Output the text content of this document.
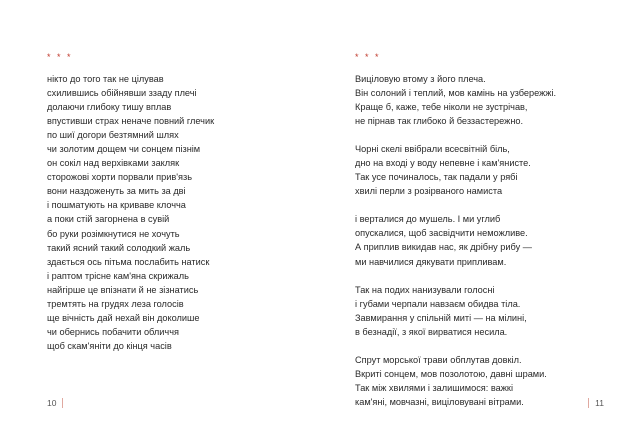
* * *
нікто до того так не цілував
схилившись обійнявши ззаду плечі
долаючи глибоку тишу вплав
впустивши страх неначе повний глечик
по шиї догори безтямний шлях
чи золотим дощем чи сонцем пізнім
он сокіл над верхівками закляк
сторожові хорти порвали прив'язь
вони наздоженуть за мить за дві
і пошматують на криваве клочча
а поки стій загорнена в сувій
бо руки розімкнутися не хочуть
такий ясний такий солодкий жаль
здається ось пітьма послабить натиск
і раптом трісне кам'яна скрижаль
найгірше це впізнати й не зізнатись
тремтять на грудях леза голосів
ще вічність дай нехай він доколише
чи обернись побачити обличчя
щоб скам'яніти до кінця часів
10
* * *
Виціловую втому з його плеча.
Він солоний і теплий, мов камінь на узбережжі.
Краще б, каже, тебе ніколи не зустрічав,
не пірнав так глибоко й беззастережно.
Чорні скелі ввібрали всесвітній біль,
дно на вході у воду непевне і кам'янисте.
Так усе починалось, так падали у рябі
хвилі перли з розірваного намиста
і верталися до мушель. І ми углиб
опускалися, щоб засвідчити неможливе.
А приплив викидав нас, як дрібну рибу —
ми навчилися дякувати припливам.
Так на подих нанизували голосні
і губами черпали навзаєм обидва тіла.
Завмирання у спільній миті — на мілині,
в безнадії, з якої вирватися несила.
Спрут морської трави обплутав довкіл.
Вкриті сонцем, мов позолотою, давні шрами.
Так між хвилями і залишимося: важкі
кам'яні, мовчазні, виціловувані вітрами.	11
